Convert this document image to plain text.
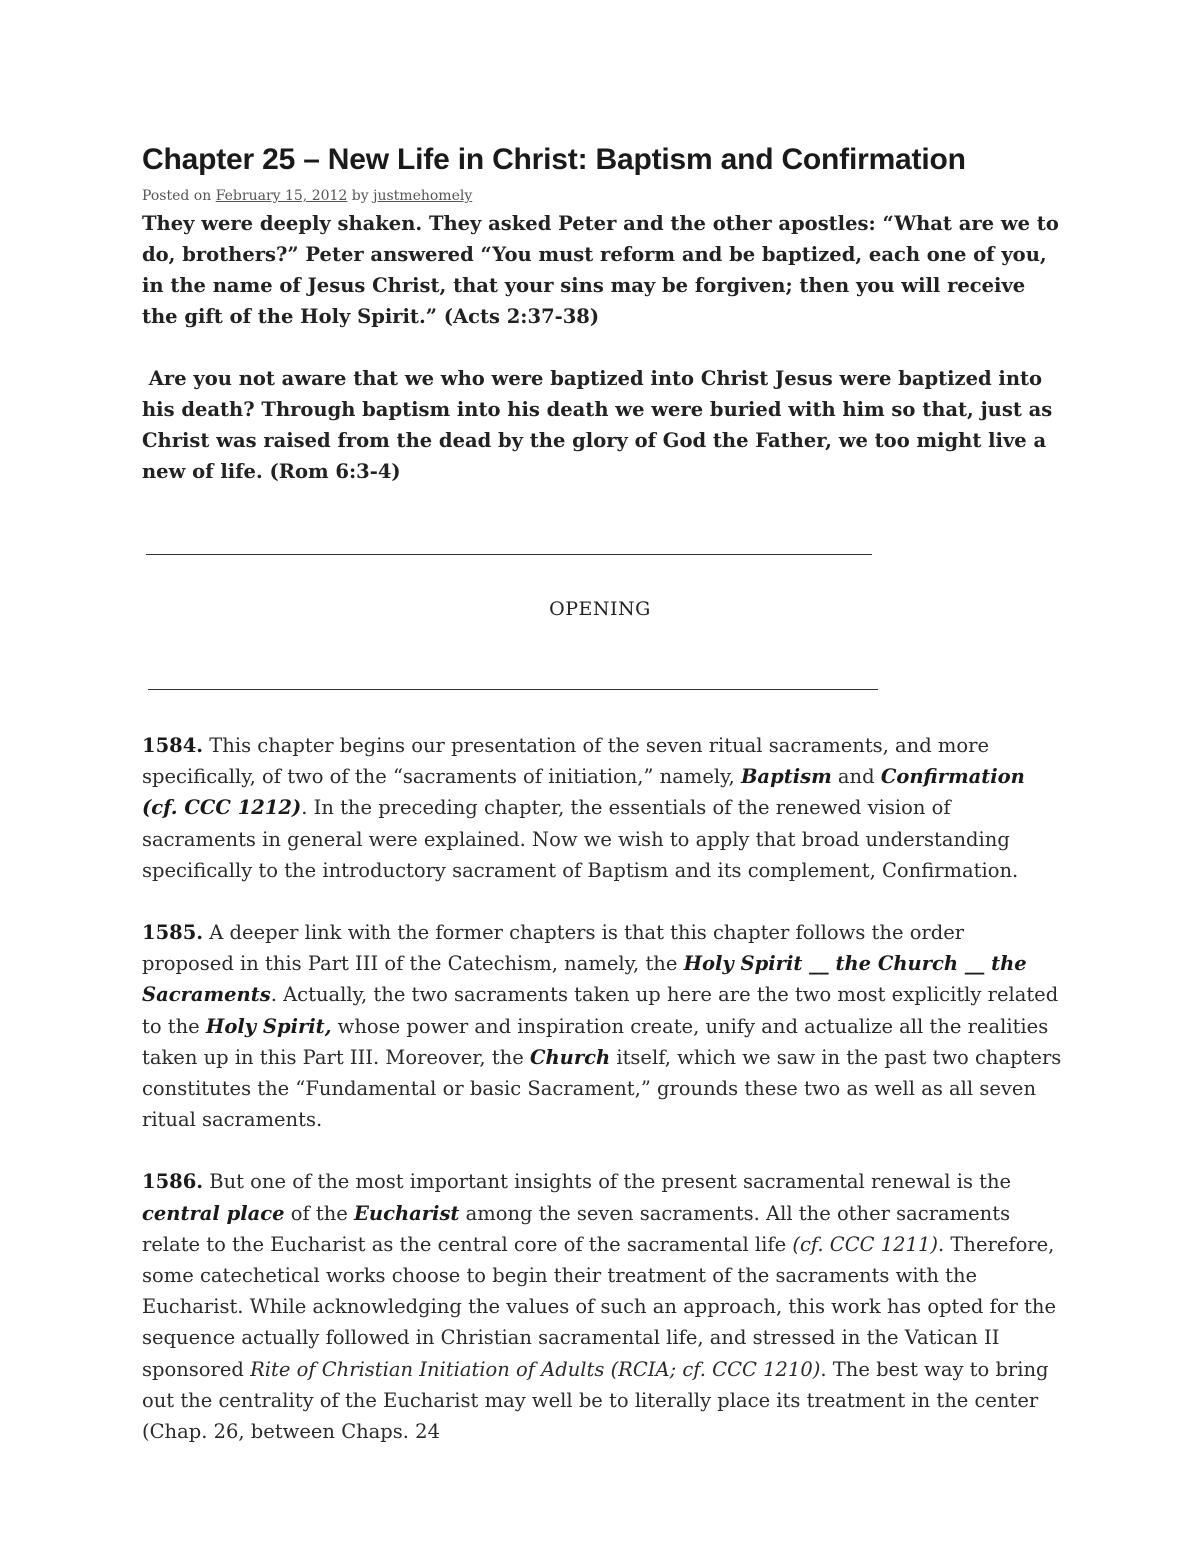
Chapter 25 – New Life in Christ: Baptism and Confirmation
Posted on February 15, 2012 by justmehomely

They were deeply shaken. They asked Peter and the other apostles: “What are we to do, brothers?” Peter answered “You must reform and be baptized, each one of you, in the name of Jesus Christ, that your sins may be forgiven; then you will receive the gift of the Holy Spirit.” (Acts 2:37-38)

Are you not aware that we who were baptized into Christ Jesus were baptized into his death? Through baptism into his death we were buried with him so that, just as Christ was raised from the dead by the glory of God the Father, we too might live a new of life. (Rom 6:3-4)

OPENING

1584. This chapter begins our presentation of the seven ritual sacraments, and more specifically, of two of the “sacraments of initiation,” namely, Baptism and Confirmation (cf. CCC 1212). In the preceding chapter, the essentials of the renewed vision of sacraments in general were explained. Now we wish to apply that broad understanding specifically to the introductory sacrament of Baptism and its complement, Confirmation.

1585. A deeper link with the former chapters is that this chapter follows the order proposed in this Part III of the Catechism, namely, the Holy Spirit __ the Church __ the Sacraments. Actually, the two sacraments taken up here are the two most explicitly related to the Holy Spirit, whose power and inspiration create, unify and actualize all the realities taken up in this Part III. Moreover, the Church itself, which we saw in the past two chapters constitutes the “Fundamental or basic Sacrament,” grounds these two as well as all seven ritual sacraments.

1586. But one of the most important insights of the present sacramental renewal is the central place of the Eucharist among the seven sacraments. All the other sacraments relate to the Eucharist as the central core of the sacramental life (cf. CCC 1211). Therefore, some catechetical works choose to begin their treatment of the sacraments with the Eucharist. While acknowledging the values of such an approach, this work has opted for the sequence actually followed in Christian sacramental life, and stressed in the Vatican II sponsored Rite of Christian Initiation of Adults (RCIA; cf. CCC 1210). The best way to bring out the centrality of the Eucharist may well be to literally place its treatment in the center (Chap. 26, between Chaps. 24
